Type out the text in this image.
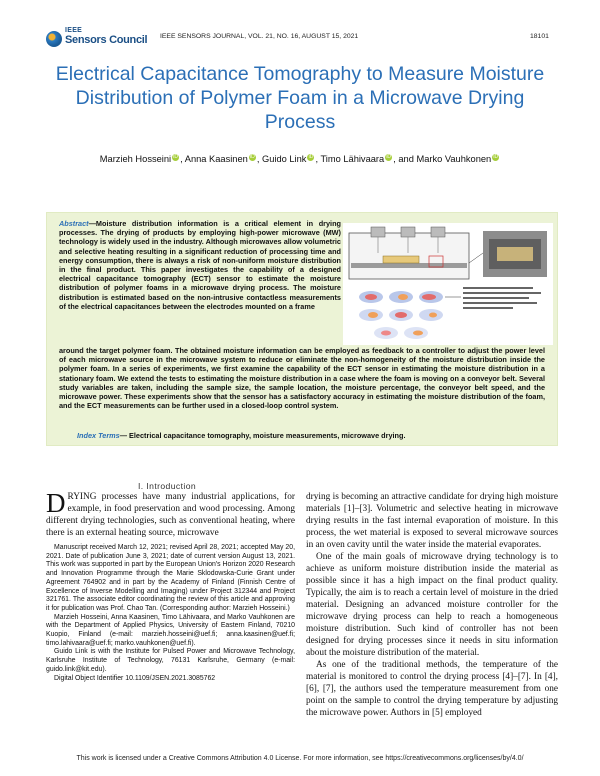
IEEE
Sensors Council IEEE SENSORS JOURNAL, VOL. 21, NO. 16, AUGUST 15, 2021	18101
Electrical Capacitance Tomography to Measure Moisture Distribution of Polymer Foam in a Microwave Drying Process
Marzieh Hosseini iD , Anna Kaasinen iD , Guido Link iD , Timo Lähivaara iD , and Marko Vauhkonen iD
Abstract—Moisture distribution information is a critical element in drying processes. The drying of products by employing high-power microwave (MW) technology is widely used in the industry. Although microwaves allow volumetric and selective heating resulting in a significant reduction of processing time and energy consumption, there is always a risk of non-uniform moisture distribution in the final product. This paper investigates the capability of a designed electrical capacitance tomography (ECT) sensor to estimate the moisture distribution of polymer foams in a microwave drying process. The moisture distribution is estimated based on the non-intrusive contactless measurements of the electrical capacitances between the electrodes mounted on a frame
around the target polymer foam. The obtained moisture information can be employed as feedback to a controller to adjust the power level of each microwave source in the microwave system to reduce or eliminate the non-homogeneity of the moisture distribution inside the polymer foam. In a series of experiments, we first examine the capability of the ECT sensor in estimating the moisture distribution in a stationary foam. We extend the tests to estimating the moisture distribution in a case where the foam is moving on a conveyor belt. Several study variables are taken, including the sample size, the sample location, the moisture percentage, the conveyor belt speed, and the microwave power. These experiments show that the sensor has a satisfactory accuracy in estimating the moisture distribution of the foam, and the ECT measurements can be further used in a closed-loop control system.
Index Terms— Electrical capacitance tomography, moisture measurements, microwave drying.
I. Introduction
DRYING processes have many industrial applications, for example, in food preservation and wood processing. Among different drying technologies, such as conventional heating, where there is an external heating source, microwave

Manuscript received March 12, 2021; revised April 28, 2021; accepted May 20, 2021. Date of publication June 3, 2021; date of current version August 13, 2021. This work was supported in part by the European Union's Horizon 2020 Research and Innovation Programme through the Marie Sklodowska-Curie Grant under Agreement 764902 and in part by the Academy of Finland (Finnish Centre of Excellence of Inverse Modelling and Imaging) under Project 312344 and Project 321761. The associate editor coordinating the review of this article and approving it for publication was Prof. Chao Tan. (Corresponding author: Marzieh Hosseini.)

Marzieh Hosseini, Anna Kaasinen, Timo Lähivaara, and Marko Vauhkonen are with the Department of Applied Physics, University of Eastern Finland, 70210 Kuopio, Finland (e-mail: marzieh.hosseini@uef.fi; anna.kaasinen@uef.fi; timo.lahivaara@uef.fi; marko.vauhkonen@uef.fi).

Guido Link is with the Institute for Pulsed Power and Microwave Technology, Karlsruhe Institute of Technology, 76131 Karlsruhe, Germany (e-mail: guido.link@kit.edu).

Digital Object Identifier 10.1109/JSEN.2021.3085762

drying is becoming an attractive candidate for drying high moisture materials [1]–[3]. Volumetric and selective heating in microwave drying results in the fast internal evaporation of moisture. In this process, the wet material is exposed to several microwave sources in an oven cavity until the water inside the material evaporates.

One of the main goals of microwave drying technology is to achieve as uniform moisture distribution inside the material as possible since it has a high impact on the final product quality. Typically, the aim is to reach a certain level of moisture in the dried material. Designing an advanced moisture controller for the microwave drying process can help to reach a homogeneous moisture distribution. Such kind of controller has not been designed for drying processes since it needs in situ information about the moisture distribution of the material.

As one of the traditional methods, the temperature of the material is monitored to control the drying process [4]–[7]. In [4], [6], [7], the authors used the temperature measurement from one point on the sample to control the drying temperature by adjusting the microwave power. Authors in [5] employed

This work is licensed under a Creative Commons Attribution 4.0 License. For more information, see https://creativecommons.org/licenses/by/4.0/
